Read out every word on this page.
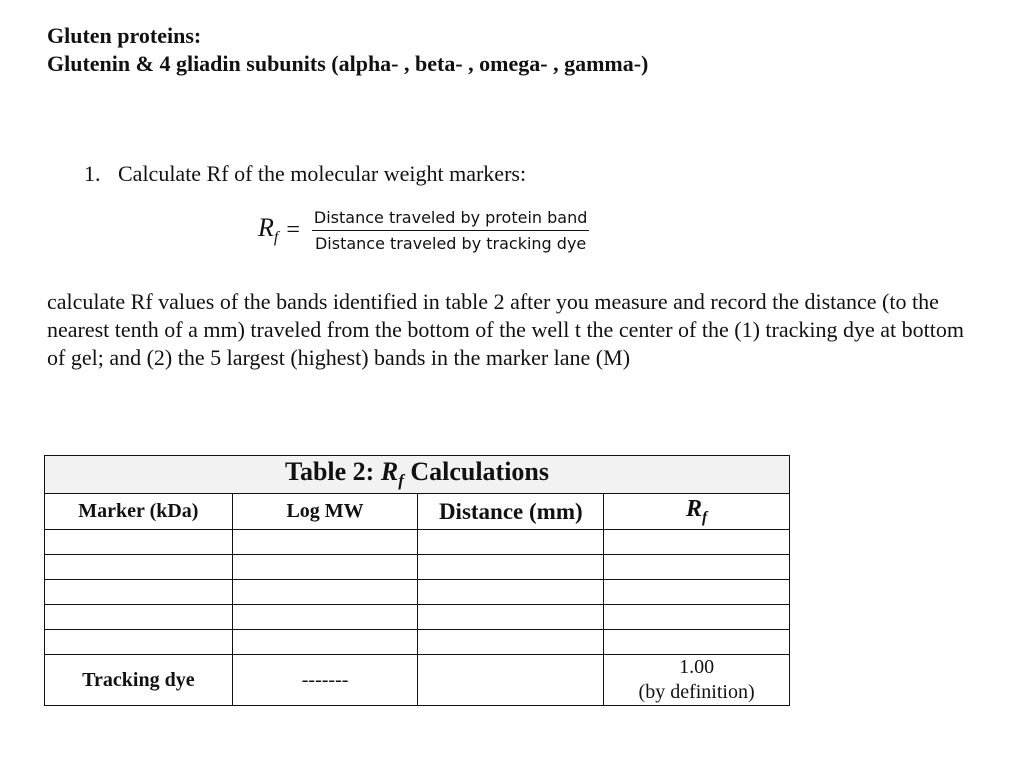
Gluten proteins:
Glutenin & 4 gliadin subunits (alpha- , beta- , omega- , gamma-)
1. Calculate Rf of the molecular weight markers:
$R_f = \frac{\text{Distance traveled by protein band}}{\text{Distance traveled by tracking dye}}$
calculate Rf values of the bands identified in table 2 after you measure and record the distance (to the nearest tenth of a mm) traveled from the bottom of the well t the center of the (1) tracking dye at bottom of gel; and (2) the 5 largest (highest) bands in the marker lane (M)
Table 2: $R_f$ Calculations			
Marker (kDa)	Log MW	Distance (mm)	$R_f$

Tracking dye	-------		1.00
(by definition)
